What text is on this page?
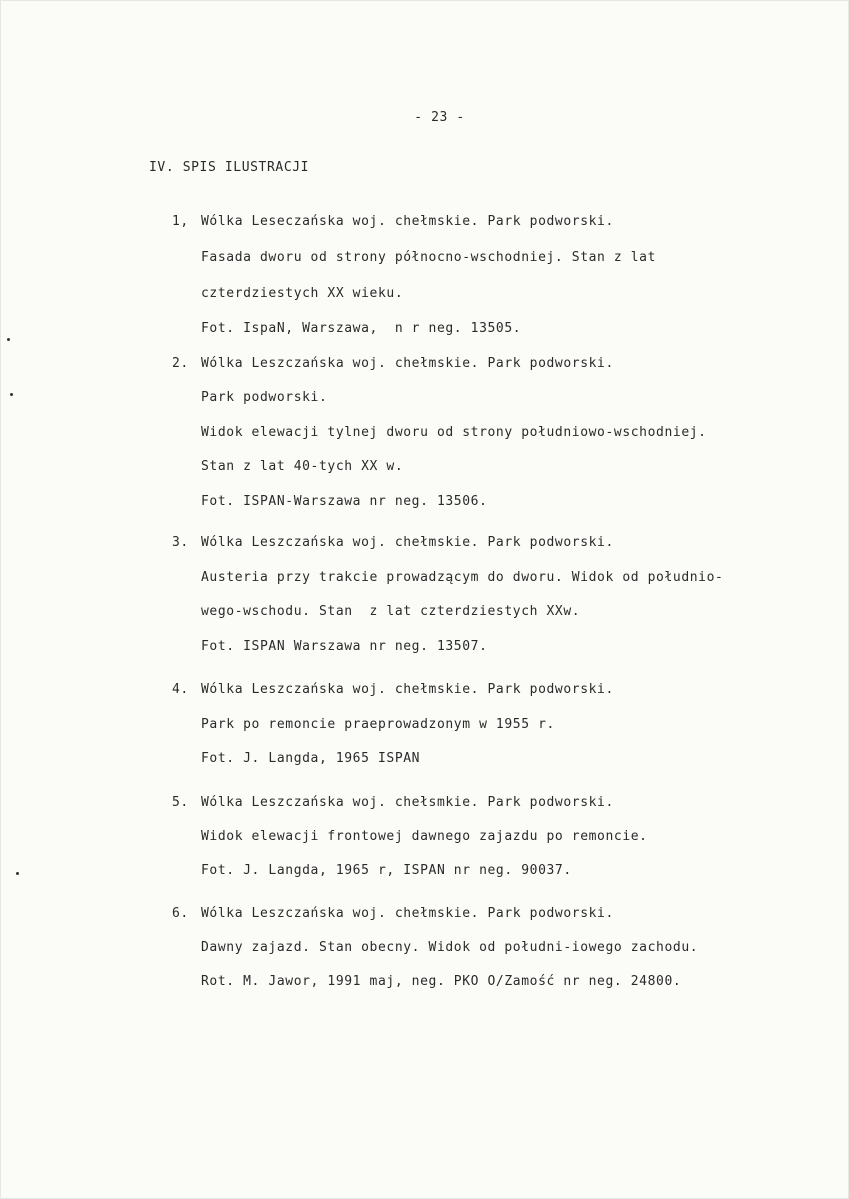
- 23 -
IV. SPIS ILUSTRACJI
1, Wólka Leseczańska woj. chełmskie. Park podworski.
Fasada dworu od strony północno-wschodniej. Stan z lat
czterdziestych XX wieku.
Fot. IspaN, Warszawa,  n r neg. 13505.
2. Wólka Leszczańska woj. chełmskie. Park podworski.
Park podworski.
Widok elewacji tylnej dworu od strony południowo-wschodniej.
Stan z lat 40-tych XX w.
Fot. ISPAN-Warszawa nr neg. 13506.
3. Wólka Leszczańska woj. chełmskie. Park podworski.
Austeria przy trakcie prowadzącym do dworu. Widok od południo-
wego-wschodu. Stan  z lat czterdziestych XXw.
Fot. ISPAN Warszawa nr neg. 13507.
4. Wólka Leszczańska woj. chełmskie. Park podworski.
Park po remoncie praeprowadzonym w 1955 r.
Fot. J. Langda, 1965 ISPAN
5. Wólka Leszczańska woj. chełsmkie. Park podworski.
Widok elewacji frontowej dawnego zajazdu po remoncie.
Fot. J. Langda, 1965 r, ISPAN nr neg. 90037.
6. Wólka Leszczańska woj. chełmskie. Park podworski.
Dawny zajazd. Stan obecny. Widok od południ-iowego zachodu.
Rot. M. Jawor, 1991 maj, neg. PKO O/Zamość nr neg. 24800.
